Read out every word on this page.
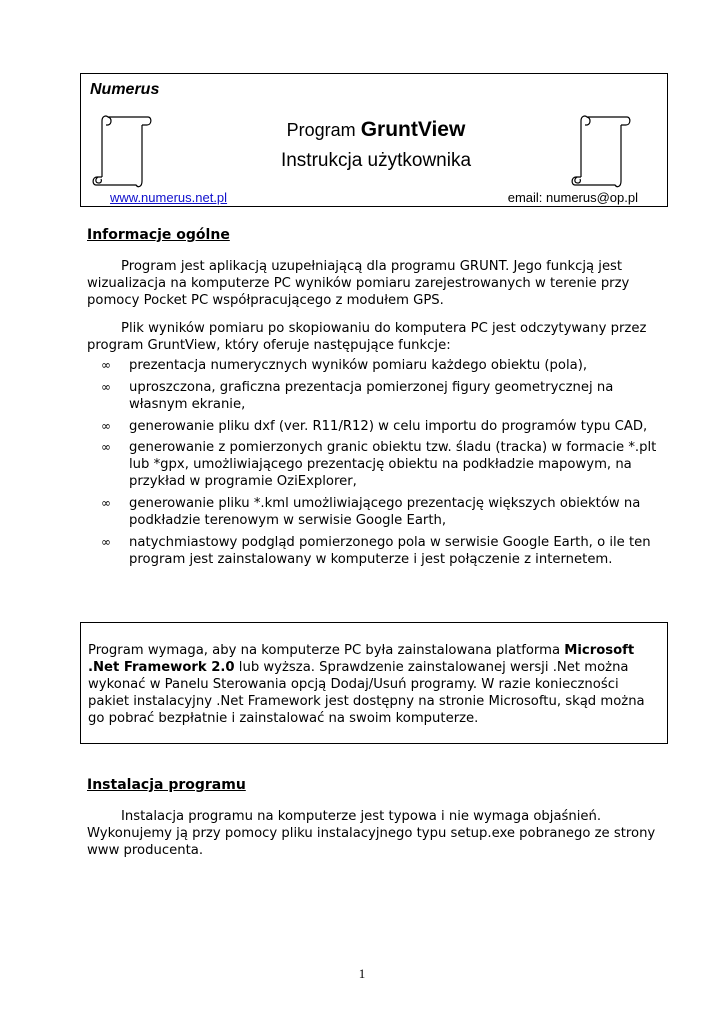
Numerus
Program GruntView
Instrukcja użytkownika
www.numerus.net.pl	email: numerus@op.pl
Informacje ogólne

Program jest aplikacją uzupełniającą dla programu GRUNT. Jego funkcją jest wizualizacja na komputerze PC wyników pomiaru zarejestrowanych w terenie przy pomocy Pocket PC współpracującego z modułem GPS.

Plik wyników pomiaru po skopiowaniu do komputera PC jest odczytywany przez program GruntView, który oferuje następujące funkcje:

∞ prezentacja numerycznych wyników pomiaru każdego obiektu (pola),
∞ uproszczona, graficzna prezentacja pomierzonej figury geometrycznej na własnym ekranie,
∞ generowanie pliku dxf (ver. R11/R12) w celu importu do programów typu CAD,
∞ generowanie z pomierzonych granic obiektu tzw. śladu (tracka) w formacie *.plt lub *gpx, umożliwiającego prezentację obiektu na podkładzie mapowym, na przykład w programie OziExplorer,
∞ generowanie pliku *.kml umożliwiającego prezentację większych obiektów na podkładzie terenowym w serwisie Google Earth,
∞ natychmiastowy podgląd pomierzonego pola w serwisie Google Earth, o ile ten program jest zainstalowany w komputerze i jest połączenie z internetem.
Program wymaga, aby na komputerze PC była zainstalowana platforma Microsoft .Net Framework 2.0 lub wyższa. Sprawdzenie zainstalowanej wersji .Net można wykonać w Panelu Sterowania opcją Dodaj/Usuń programy. W razie konieczności pakiet instalacyjny .Net Framework jest dostępny na stronie Microsoftu, skąd można go pobrać bezpłatnie i zainstalować na swoim komputerze.
Instalacja programu

Instalacja programu na komputerze jest typowa i nie wymaga objaśnień. Wykonujemy ją przy pomocy pliku instalacyjnego typu setup.exe pobranego ze strony www producenta.

1
